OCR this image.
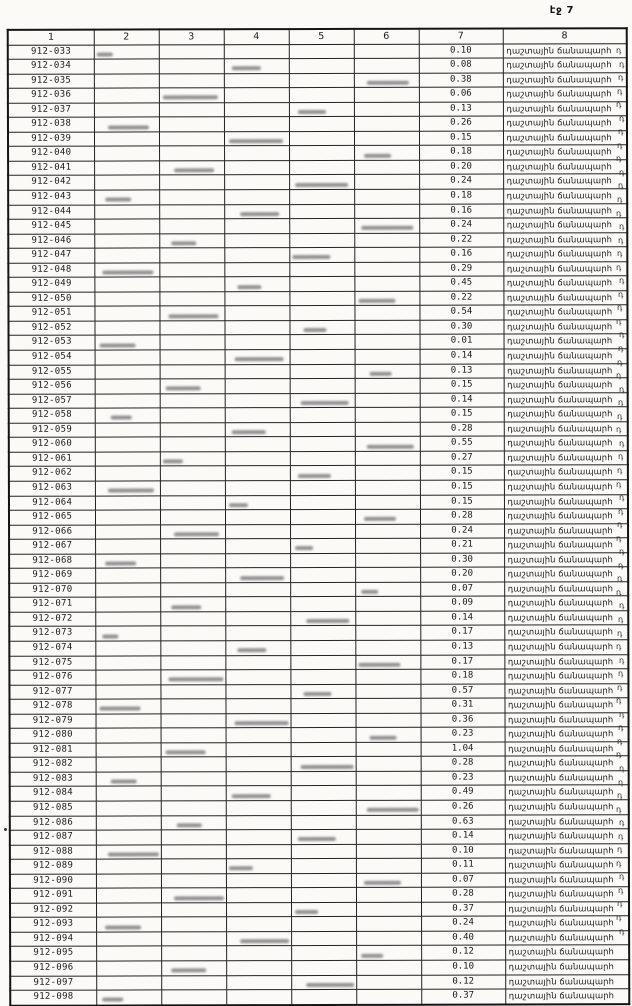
էջ 7
1	2	3	4	5	6	7	8
912-033						0.10	դաշտային ճանապարհ
912-034						0.08	դաշտային ճանապարհ
912-035						0.38	դաշտային ճանապարհ
912-036						0.06	դաշտային ճանապարհ
912-037						0.13	դաշտային ճանապարհ
912-038						0.26	դաշտային ճանապարհ
912-039						0.15	դաշտային ճանապարհ
912-040						0.18	դաշտային ճանապարհ
912-041						0.20	դաշտային ճանապարհ
912-042						0.24	դաշտային ճանապարհ
912-043						0.18	դաշտային ճանապարհ
912-044						0.16	դաշտային ճանապարհ
912-045						0.24	դաշտային ճանապարհ
912-046						0.22	դաշտային ճանապարհ
912-047						0.16	դաշտային ճանապարհ
912-048						0.29	դաշտային ճանապարհ
912-049						0.45	դաշտային ճանապարհ
912-050						0.22	դաշտային ճանապարհ
912-051						0.54	դաշտային ճանապարհ
912-052						0.30	դաշտային ճանապարհ
912-053						0.01	դաշտային ճանապարհ
912-054						0.14	դաշտային ճանապարհ
912-055						0.13	դաշտային ճանապարհ
912-056						0.15	դաշտային ճանապարհ
912-057						0.14	դաշտային ճանապարհ
912-058						0.15	դաշտային ճանապարհ
912-059						0.28	դաշտային ճանապարհ
912-060						0.55	դաշտային ճանապարհ
912-061						0.27	դաշտային ճանապարհ
912-062						0.15	դաշտային ճանապարհ
912-063						0.15	դաշտային ճանապարհ
912-064						0.15	դաշտային ճանապարհ
912-065						0.28	դաշտային ճանապարհ
912-066						0.24	դաշտային ճանապարհ
912-067						0.21	դաշտային ճանապարհ
912-068						0.30	դաշտային ճանապարհ
912-069						0.20	դաշտային ճանապարհ
912-070						0.07	դաշտային ճանապարհ
912-071						0.09	դաշտային ճանապարհ
912-072						0.14	դաշտային ճանապարհ
912-073						0.17	դաշտային ճանապարհ
912-074						0.13	դաշտային ճանապարհ
912-075						0.17	դաշտային ճանապարհ
912-076						0.18	դաշտային ճանապարհ
912-077						0.57	դաշտային ճանապարհ
912-078						0.31	դաշտային ճանապարհ
912-079						0.36	դաշտային ճանապարհ
912-080						0.23	դաշտային ճանապարհ
912-081						1.04	դաշտային ճանապարհ
912-082						0.28	դաշտային ճանապարհ
912-083						0.23	դաշտային ճանապարհ
912-084						0.49	դաշտային ճանապարհ
912-085						0.26	դաշտային ճանապարհ
912-086						0.63	դաշտային ճանապարհ
912-087						0.14	դաշտային ճանապարհ
912-088						0.10	դաշտային ճանապարհ
912-089						0.11	դաշտային ճանապարհ
912-090						0.07	դաշտային ճանապարհ
912-091						0.28	դաշտային ճանապարհ
912-092						0.37	դաշտային ճանապարհ
912-093						0.24	դաշտային ճանապարհ
912-094						0.40	դաշտային ճանապարհ
912-095						0.12	դաշտային ճանապարհ
912-096						0.10	դաշտային ճանապարհ
912-097						0.12	դաշտային ճանապարհ
912-098						0.37	դաշտային ճանապարհ
դ
դ
դ
դ
դ
դ
դ
դ
դ
դ
դ
դ
դ
դ
դ
դ
դ
դ
դ
դ
դ
դ
դ
դ
դ
դ
դ
դ
դ
դ
դ
դ
դ
դ
դ
դ
դ
դ
դ
դ
դ
դ
դ
դ
դ
դ
դ
դ
դ
դ
դ
դ
դ
դ
դ
դ
դ
դ
դ
դ
դ
դ
դ
դ
դ
դ
